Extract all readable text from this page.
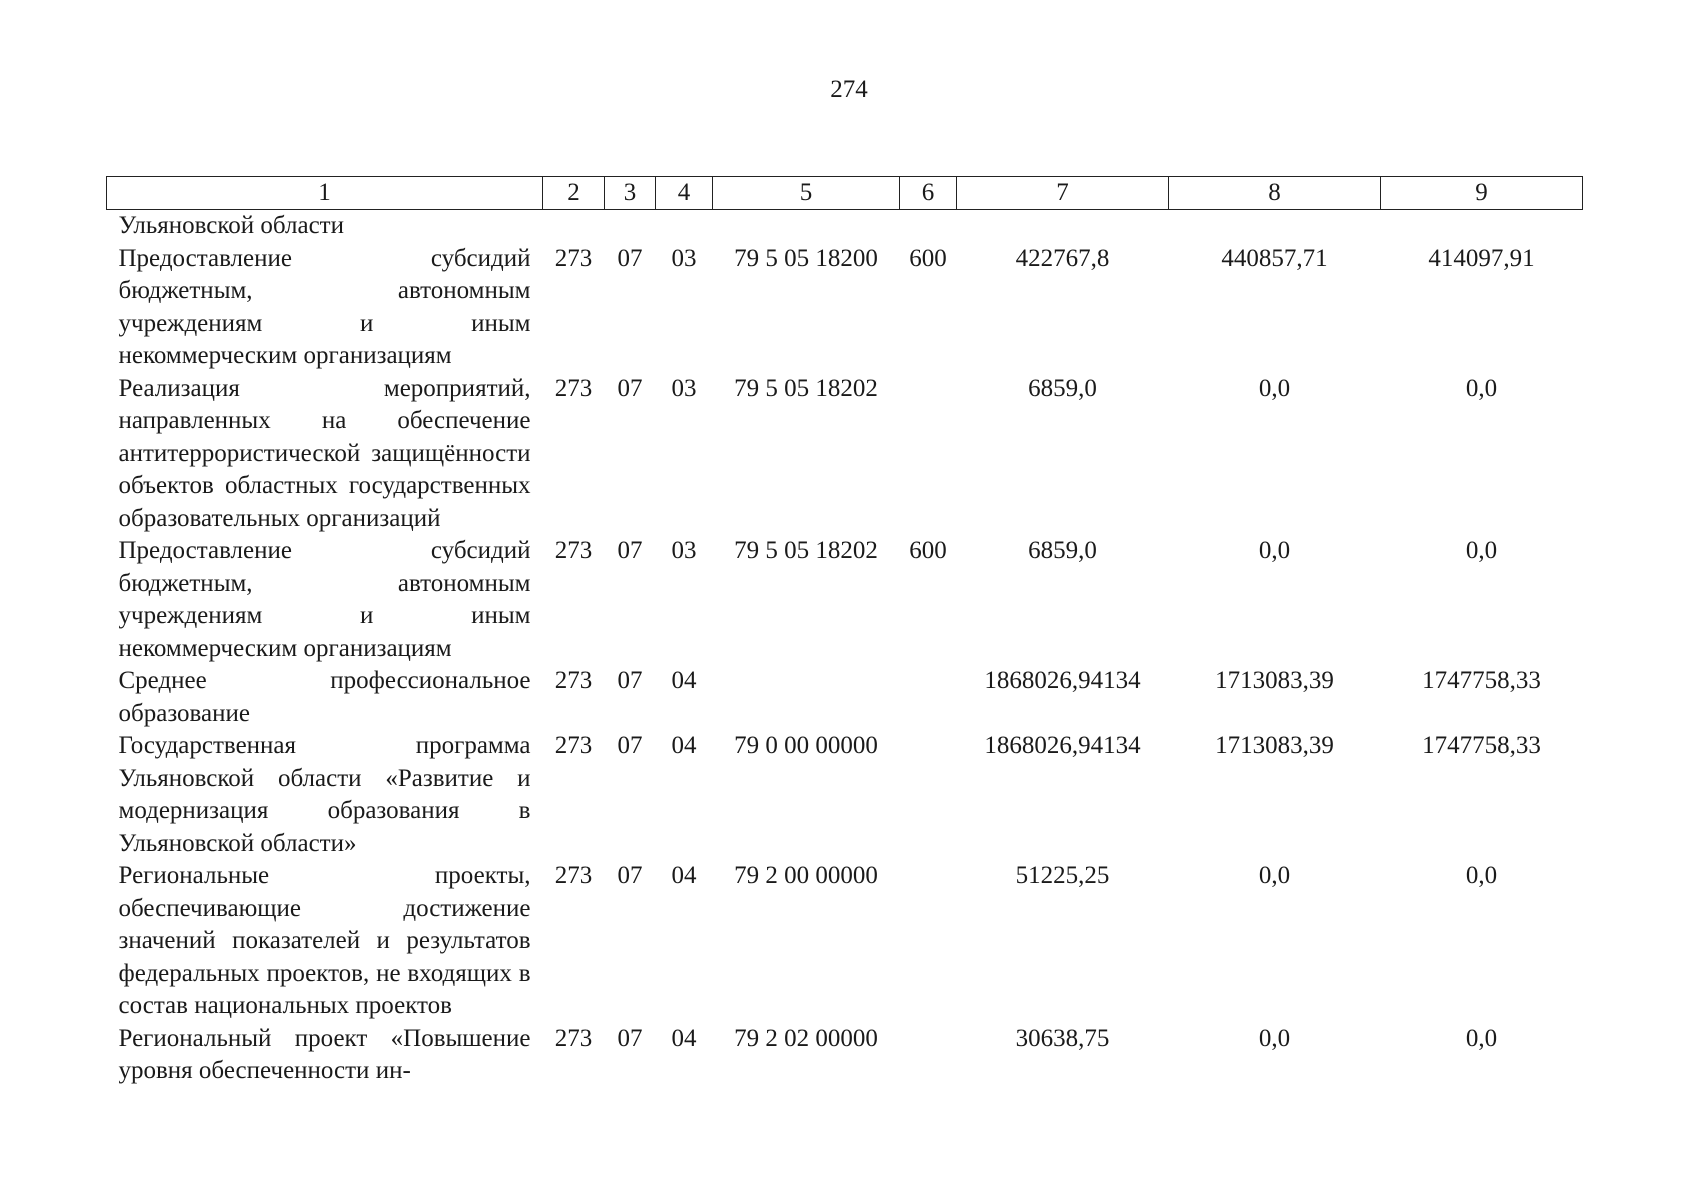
274
1	2	3	4	5	6	7	8	9
Ульяновской области								
Предоставление субсидий бюджетным, автономным учреждениям и иным некоммерческим организациям	273	07	03	79 5 05 18200	600	422767,8	440857,71	414097,91
Реализация мероприятий, направленных на обеспечение антитеррористической защищённости объектов областных государственных образовательных организаций	273	07	03	79 5 05 18202		6859,0	0,0	0,0
Предоставление субсидий бюджетным, автономным учреждениям и иным некоммерческим организациям	273	07	03	79 5 05 18202	600	6859,0	0,0	0,0
Среднее профессиональное образование	273	07	04			1868026,94134	1713083,39	1747758,33
Государственная программа Ульяновской области «Развитие и модернизация образования в Ульяновской области»	273	07	04	79 0 00 00000		1868026,94134	1713083,39	1747758,33
Региональные проекты, обеспечивающие достижение значений показателей и результатов федеральных проектов, не входящих в состав национальных проектов	273	07	04	79 2 00 00000		51225,25	0,0	0,0
Региональный проект «Повышение уровня обеспеченности ин-	273	07	04	79 2 02 00000		30638,75	0,0	0,0
